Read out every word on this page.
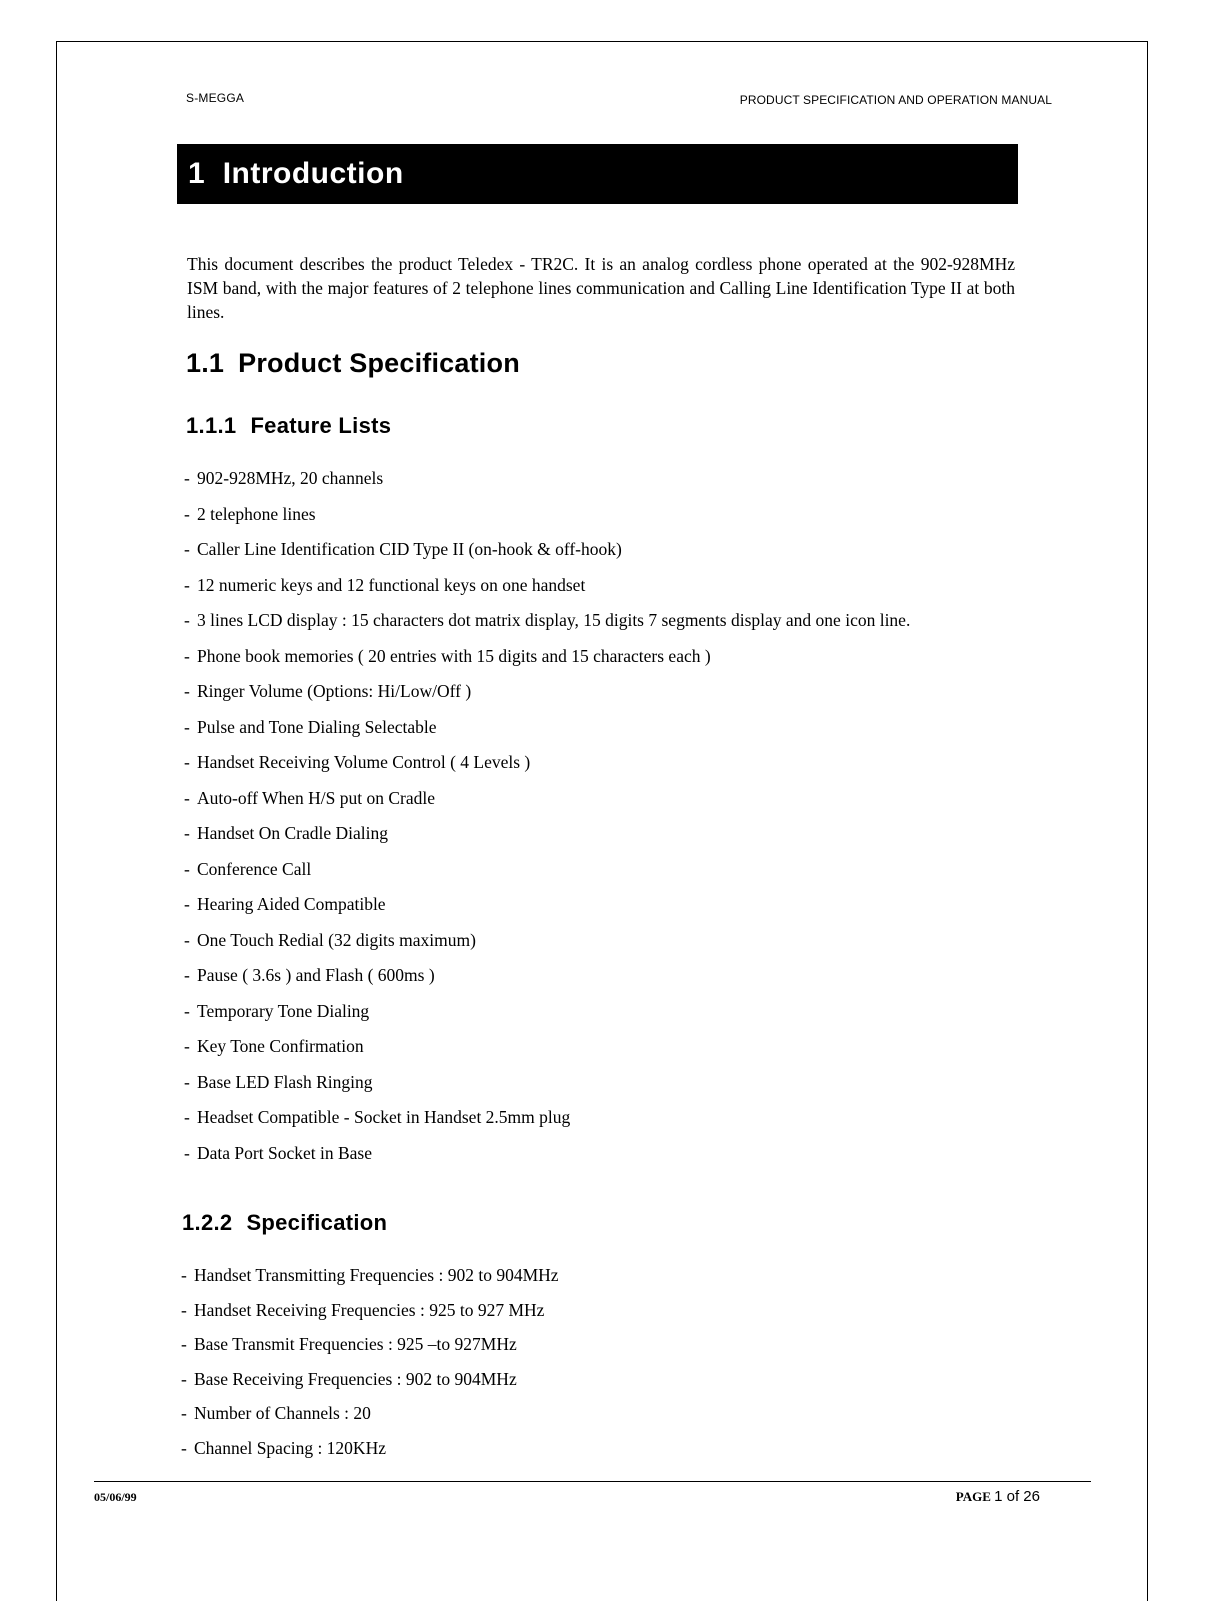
S-MEGGA	PRODUCT SPECIFICATION AND OPERATION MANUAL
1 Introduction

This document describes the product Teledex - TR2C. It is an analog cordless phone operated at the 902-928MHz ISM band, with the major features of 2 telephone lines communication and Calling Line Identification Type II at both lines.

1.1 Product Specification
1.1.1 Feature Lists
- 902-928MHz, 20 channels
- 2 telephone lines
- Caller Line Identification CID Type II (on-hook & off-hook)
- 12 numeric keys and 12 functional keys on one handset
- 3 lines LCD display : 15 characters dot matrix display, 15 digits 7 segments display and one icon line.
- Phone book memories ( 20 entries with 15 digits and 15 characters each )
- Ringer Volume (Options: Hi/Low/Off )
- Pulse and Tone Dialing Selectable
- Handset Receiving Volume Control ( 4 Levels )
- Auto-off When H/S put on Cradle
- Handset On Cradle Dialing
- Conference Call
- Hearing Aided Compatible
- One Touch Redial (32 digits maximum)
- Pause ( 3.6s ) and Flash ( 600ms )
- Temporary Tone Dialing
- Key Tone Confirmation
- Base LED Flash Ringing
- Headset Compatible - Socket in Handset 2.5mm plug
- Data Port Socket in Base
1.2.2 Specification
- Handset Transmitting Frequencies : 902 to 904MHz
- Handset Receiving Frequencies : 925 to 927 MHz
- Base Transmit Frequencies : 925 –to 927MHz
- Base Receiving Frequencies : 902 to 904MHz
- Number of Channels : 20
- Channel Spacing : 120KHz
05/06/99	PAGE 1 of 26
